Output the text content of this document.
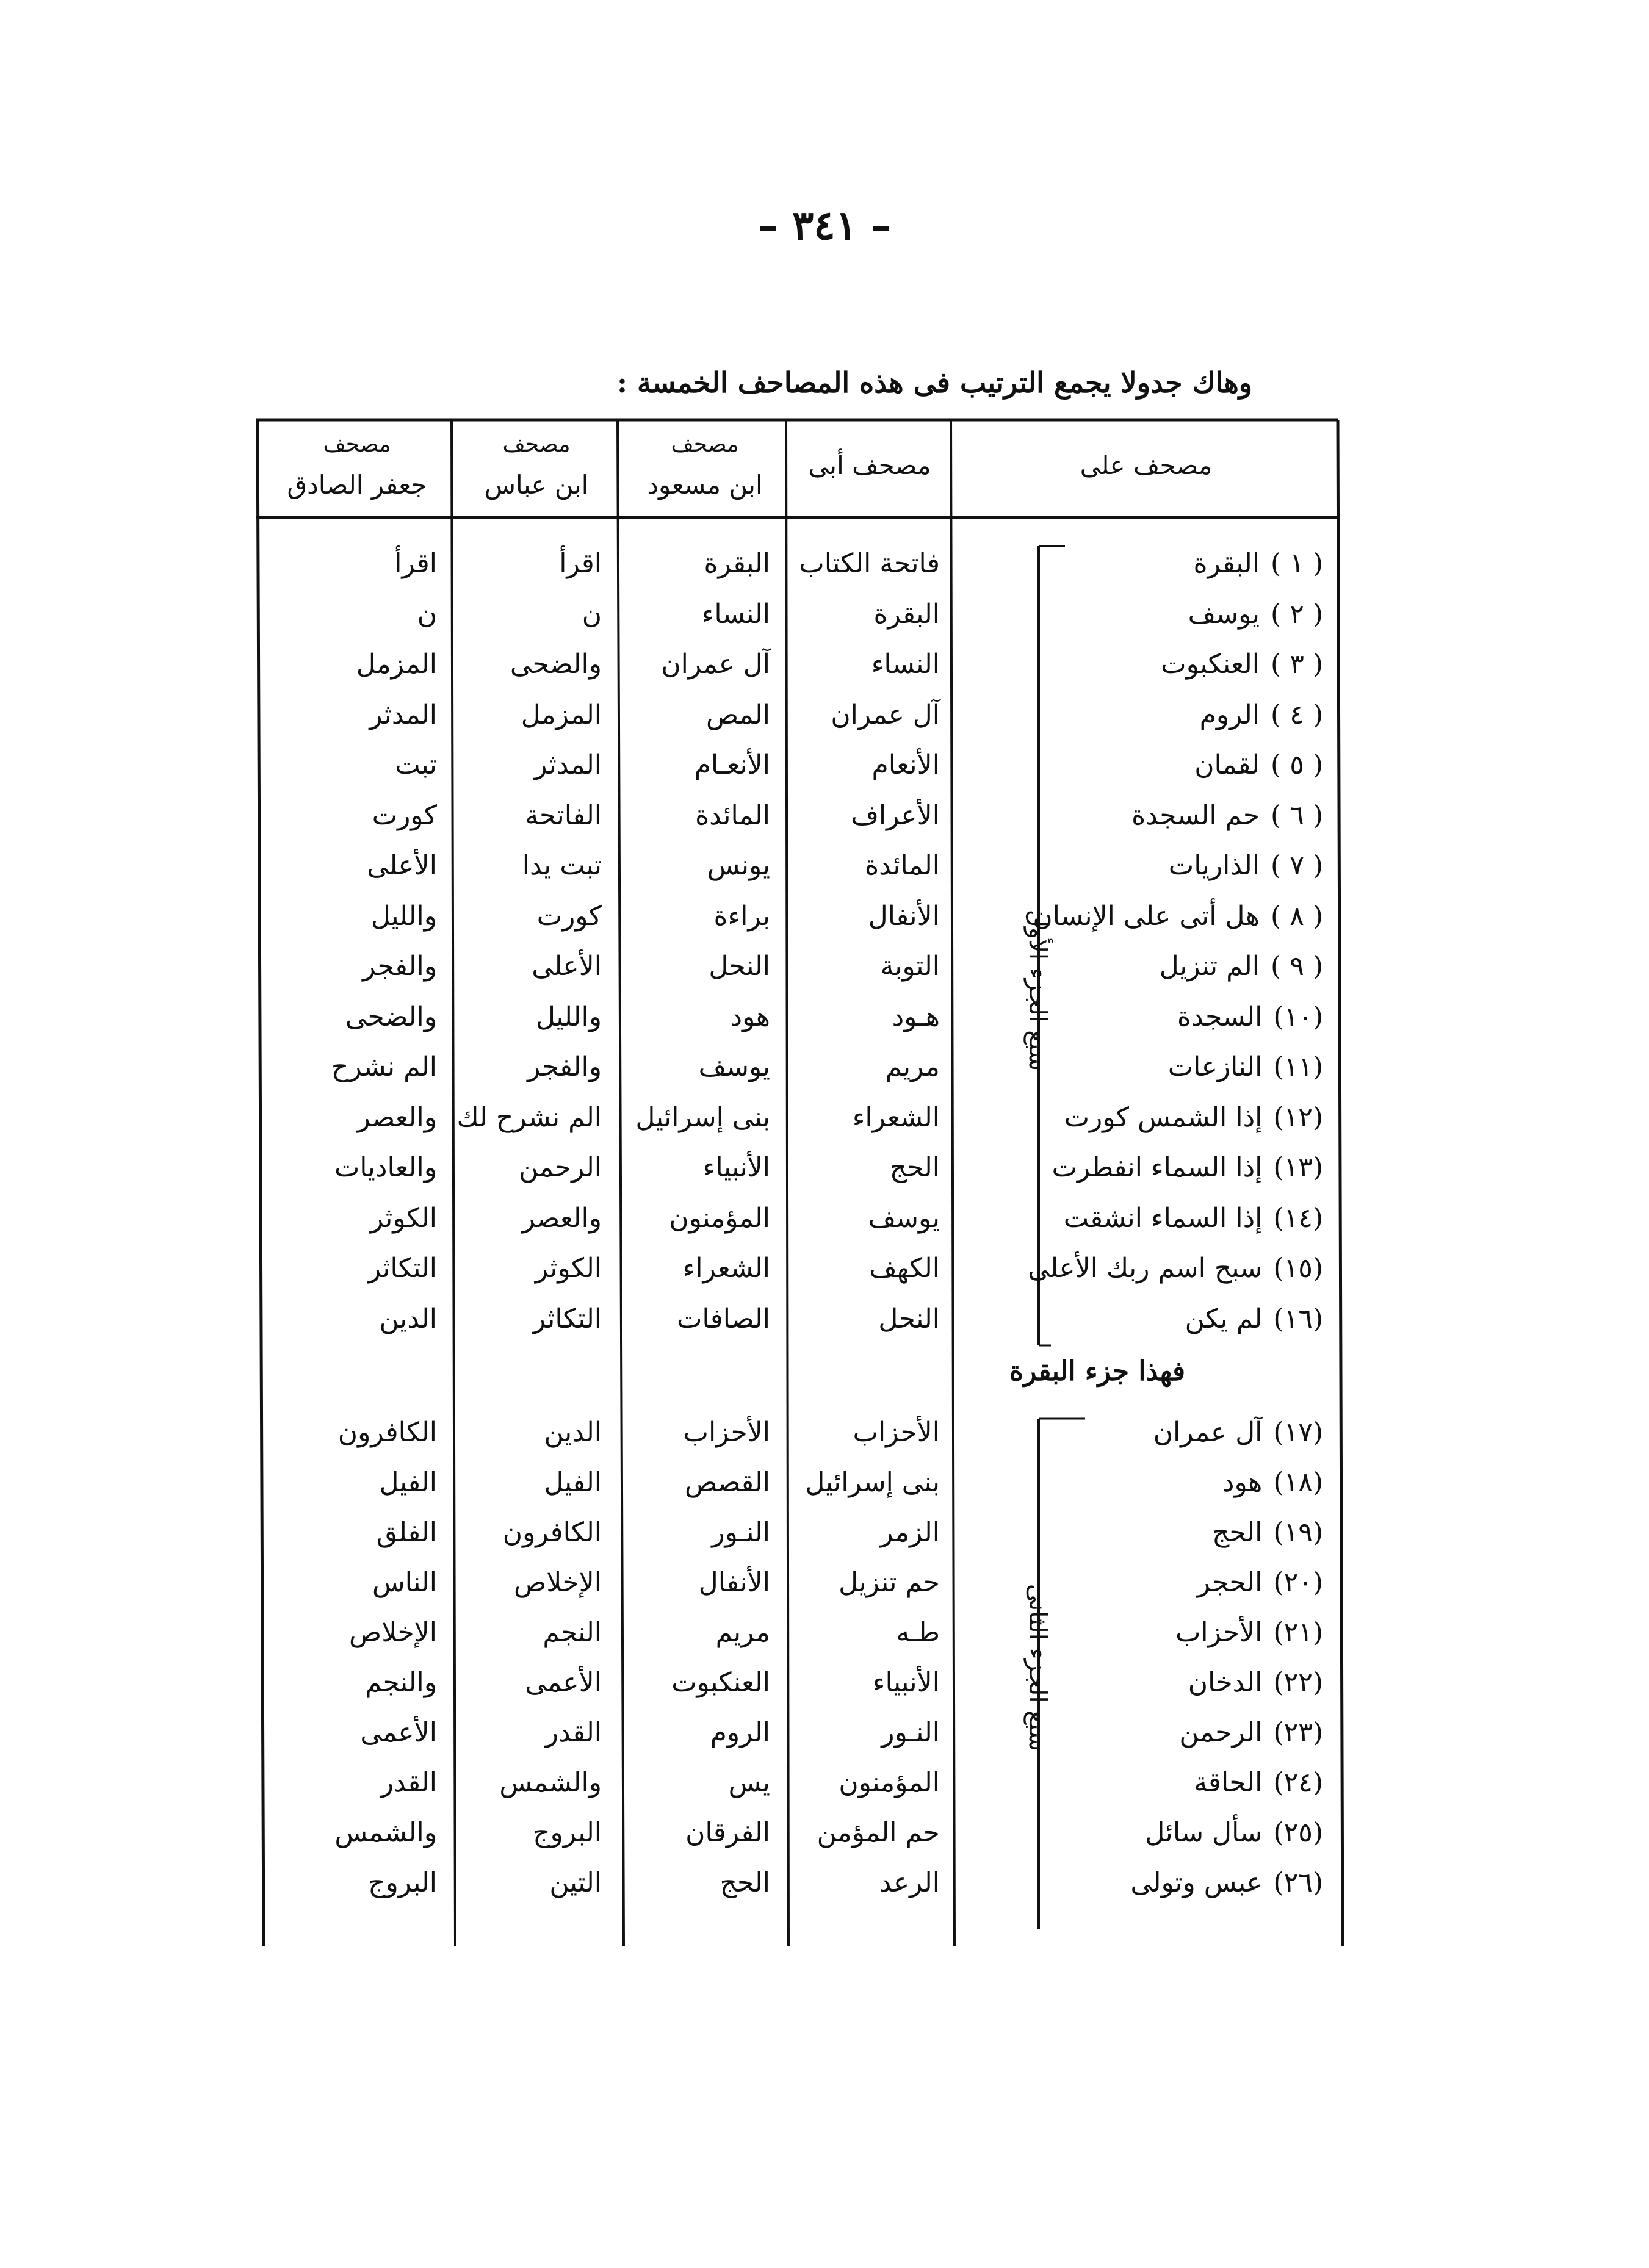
– ٣٤١ –
وهاك جدولا يجمع الترتيب فى هذه المصاحف الخمسة :
مصحف على
مصحف أبى
مصحف
ابن مسعود
مصحف
ابن عباس
مصحف
جعفر الصادق
سبع الجزء الأول
سبع الجزء الثانى
فهذا جزء البقرة
( ١ )البقرة
فاتحة الكتاب
البقرة
اقرأ
اقرأ
( ٢ )يوسف
البقرة
النساء
ن
ن
( ٣ )العنكبوت
النساء
آل عمران
والضحى
المزمل
( ٤ )الروم
آل عمران
المص
المزمل
المدثر
( ٥ )لقمان
الأنعام
الأنعـام
المدثر
تبت
( ٦ )حم السجدة
الأعراف
المائدة
الفاتحة
كورت
( ٧ )الذاريات
المائدة
يونس
تبت يدا
الأعلى
( ٨ )هل أتى على الإنسان
الأنفال
براءة
كورت
والليل
( ٩ )الم تنزيل
التوبة
النحل
الأعلى
والفجر
(١٠)السجدة
هـود
هود
والليل
والضحى
(١١)النازعات
مريم
يوسف
والفجر
الم نشرح
(١٢)إذا الشمس كورت
الشعراء
بنى إسرائيل
الم نشرح لك
والعصر
(١٣)إذا السماء انفطرت
الحج
الأنبياء
الرحمن
والعاديات
(١٤)إذا السماء انشقت
يوسف
المؤمنون
والعصر
الكوثر
(١٥)سبح اسم ربك الأعلى
الكهف
الشعراء
الكوثر
التكاثر
(١٦)لم يكن
النحل
الصافات
التكاثر
الدين
(١٧)آل عمران
الأحزاب
الأحزاب
الدين
الكافرون
(١٨)هود
بنى إسرائيل
القصص
الفيل
الفيل
(١٩)الحج
الزمر
النـور
الكافرون
الفلق
(٢٠)الحجر
حم تنزيل
الأنفال
الإخلاص
الناس
(٢١)الأحزاب
طـه
مريم
النجم
الإخلاص
(٢٢)الدخان
الأنبياء
العنكبوت
الأعمى
والنجم
(٢٣)الرحمن
النـور
الروم
القدر
الأعمى
(٢٤)الحاقة
المؤمنون
يس
والشمس
القدر
(٢٥)سأل سائل
حم المؤمن
الفرقان
البروج
والشمس
(٢٦)عبس وتولى
الرعد
الحج
التين
البروج
